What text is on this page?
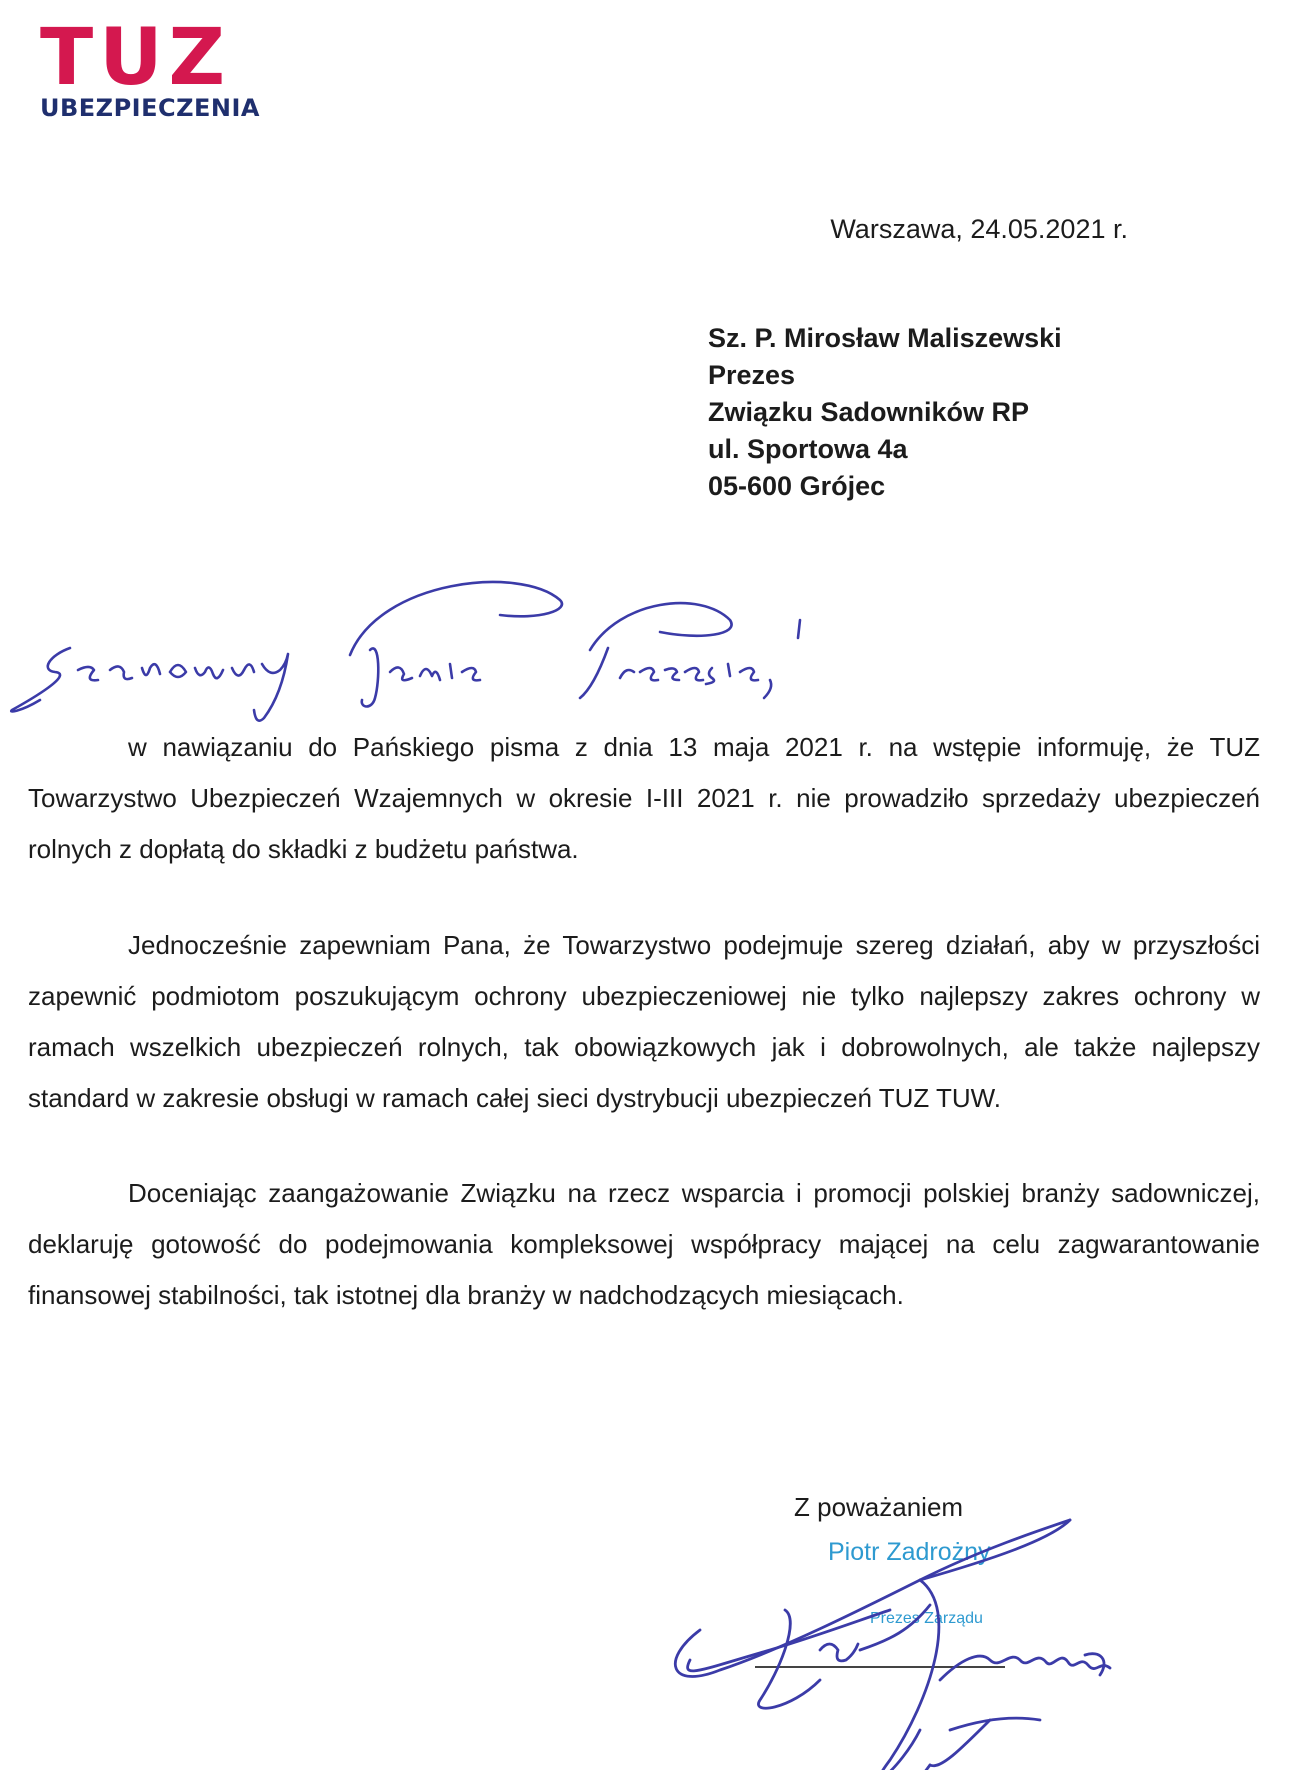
TUZ
UBEZPIECZENIA
Warszawa, 24.05.2021 r.
Sz. P. Mirosław Maliszewski
Prezes
Związku Sadowników RP
ul. Sportowa 4a
05-600 Grójec
w nawiązaniu do Pańskiego pisma z dnia 13 maja 2021 r. na wstępie informuję, że TUZ Towarzystwo Ubezpieczeń Wzajemnych w okresie I-III 2021 r. nie prowadziło sprzedaży ubezpieczeń rolnych z dopłatą do składki z budżetu państwa.
Jednocześnie zapewniam Pana, że Towarzystwo podejmuje szereg działań, aby w przyszłości zapewnić podmiotom poszukującym ochrony ubezpieczeniowej nie tylko najlepszy zakres ochrony w ramach wszelkich ubezpieczeń rolnych, tak obowiązkowych jak i dobrowolnych, ale także najlepszy standard w zakresie obsługi w ramach całej sieci dystrybucji ubezpieczeń TUZ TUW.
Doceniając zaangażowanie Związku na rzecz wsparcia i promocji polskiej branży sadowniczej, deklaruję gotowość do podejmowania kompleksowej współpracy mającej na celu zagwarantowanie finansowej stabilności, tak istotnej dla branży w nadchodzących miesiącach.
Z poważaniem
Piotr Zadrożny
Prezes Zarządu
